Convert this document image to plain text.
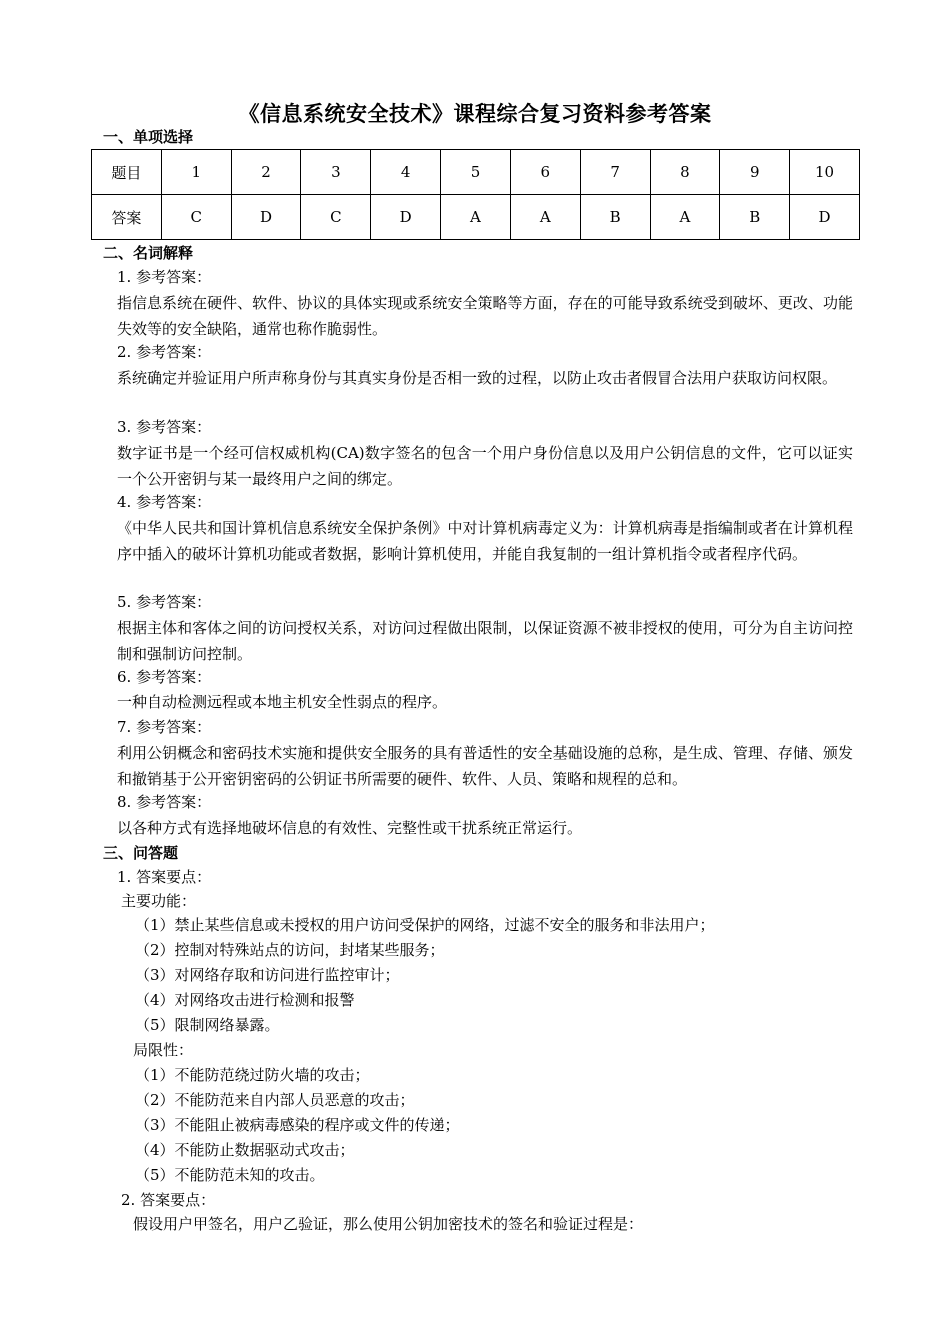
《信息系统安全技术》课程综合复习资料参考答案
一、单项选择
题目	1	2	3	4	5	6	7	8	9	10
答案	C	D	C	D	A	A	B	A	B	D
二、名词解释
1. 参考答案：
指信息系统在硬件、软件、协议的具体实现或系统安全策略等方面，存在的可能导致系统受到破坏、更改、功能失效等的安全缺陷，通常也称作脆弱性。
2. 参考答案：
系统确定并验证用户所声称身份与其真实身份是否相一致的过程，以防止攻击者假冒合法用户获取访问权限。
3. 参考答案：
数字证书是一个经可信权威机构(CA)数字签名的包含一个用户身份信息以及用户公钥信息的文件，它可以证实一个公开密钥与某一最终用户之间的绑定。
4. 参考答案：
《中华人民共和国计算机信息系统安全保护条例》中对计算机病毒定义为：计算机病毒是指编制或者在计算机程序中插入的破坏计算机功能或者数据，影响计算机使用，并能自我复制的一组计算机指令或者程序代码。
5. 参考答案：
根据主体和客体之间的访问授权关系，对访问过程做出限制，以保证资源不被非授权的使用，可分为自主访问控制和强制访问控制。
6. 参考答案：
一种自动检测远程或本地主机安全性弱点的程序。
7. 参考答案：
利用公钥概念和密码技术实施和提供安全服务的具有普适性的安全基础设施的总称，是生成、管理、存储、颁发和撤销基于公开密钥密码的公钥证书所需要的硬件、软件、人员、策略和规程的总和。
8. 参考答案：
以各种方式有选择地破坏信息的有效性、完整性或干扰系统正常运行。
三、问答题
1. 答案要点：
主要功能：
（1）禁止某些信息或未授权的用户访问受保护的网络，过滤不安全的服务和非法用户；
（2）控制对特殊站点的访问，封堵某些服务；
（3）对网络存取和访问进行监控审计；
（4）对网络攻击进行检测和报警
（5）限制网络暴露。
局限性：
（1）不能防范绕过防火墙的攻击；
（2）不能防范来自内部人员恶意的攻击；
（3）不能阻止被病毒感染的程序或文件的传递；
（4）不能防止数据驱动式攻击；
（5）不能防范未知的攻击。
2. 答案要点：
假设用户甲签名，用户乙验证，那么使用公钥加密技术的签名和验证过程是：
